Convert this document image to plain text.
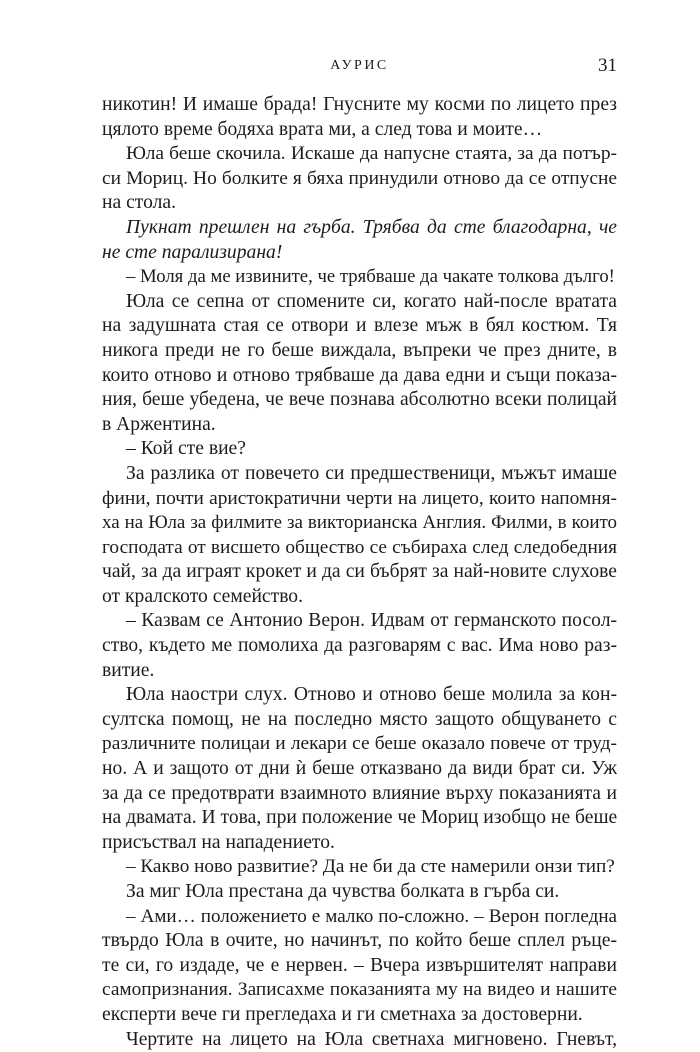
АУРИС	31
никотин! И имаше брада! Гнусните му косми по лицето през
цялото време бодяха врата ми, а след това и моите…
Юла беше скочила. Искаше да напусне стаята, за да потър-
си Мориц. Но болките я бяха принудили отново да се отпусне
на стола.
Пукнат прешлен на гърба. Трябва да сте благодарна, че
не сте парализирана!
– Моля да ме извините, че трябваше да чакате толкова дълго!
Юла се сепна от спомените си, когато най-после вратата
на задушната стая се отвори и влезе мъж в бял костюм. Тя
никога преди не го беше виждала, въпреки че през дните, в
които отново и отново трябваше да дава едни и същи показа-
ния, беше убедена, че вече познава абсолютно всеки полицай
в Аржентина.
– Кой сте вие?
За разлика от повечето си предшественици, мъжът имаше
фини, почти аристократични черти на лицето, които напомня-
ха на Юла за филмите за викторианска Англия. Филми, в които
господата от висшето общество се събираха след следобедния
чай, за да играят крокет и да си бъбрят за най-новите слухове
от кралското семейство.
– Казвам се Антонио Верон. Идвам от германското посол-
ство, където ме помолиха да разговарям с вас. Има ново раз-
витие.
Юла наостри слух. Отново и отново беше молила за кон-
султска помощ, не на последно място защото общуването с
различните полицаи и лекари се беше оказало повече от труд-
но. А и защото от дни ѝ беше отказвано да види брат си. Уж
за да се предотврати взаимното влияние върху показанията и
на двамата. И това, при положение че Мориц изобщо не беше
присъствал на нападението.
– Какво ново развитие? Да не би да сте намерили онзи тип?
За миг Юла престана да чувства болката в гърба си.
– Ами… положението е малко по-сложно. – Верон погледна
твърдо Юла в очите, но начинът, по който беше сплел ръце-
те си, го издаде, че е нервен. – Вчера извършителят направи
самопризнания. Записахме показанията му на видео и нашите
експерти вече ги прегледаха и ги сметнаха за достоверни.
Чертите на лицето на Юла светнаха мигновено. Гневът,
